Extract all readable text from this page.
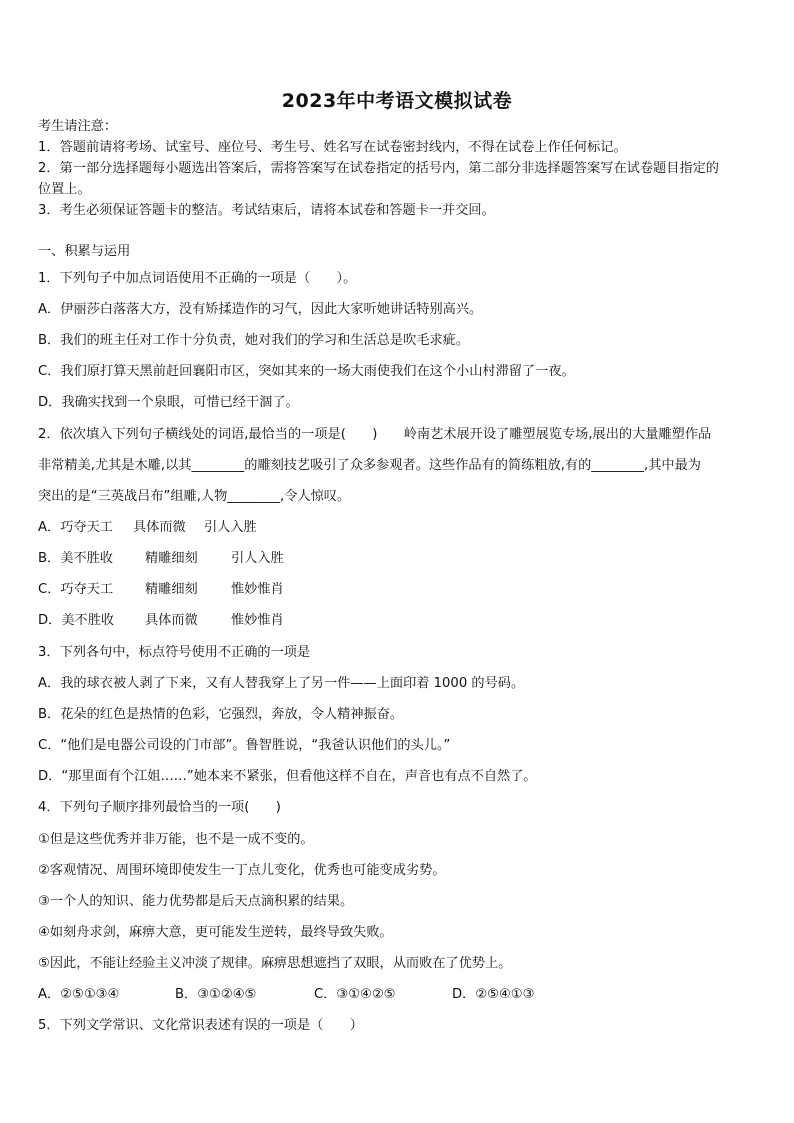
2023年中考语文模拟试卷
考生请注意：
1．答题前请将考场、试室号、座位号、考生号、姓名写在试卷密封线内，不得在试卷上作任何标记。
2．第一部分选择题每小题选出答案后，需将答案写在试卷指定的括号内，第二部分非选择题答案写在试卷题目指定的
位置上。
3．考生必须保证答题卡的整洁。考试结束后，请将本试卷和答题卡一并交回。
一、积累与运用
1．下列句子中加点词语使用不正确的一项是（　　）。
A．伊丽莎白落落大方，没有矫揉造作的习气，因此大家听她讲话特别高兴。
B．我们的班主任对工作十分负责，她对我们的学习和生活总是吹毛求疵。
C．我们原打算天黑前赶回襄阳市区，突如其来的一场大雨使我们在这个小山村滞留了一夜。
D．我确实找到一个泉眼，可惜已经干涸了。
2．依次填入下列句子横线处的词语,最恰当的一项是(　　)　　岭南艺术展开设了雕塑展览专场,展出的大量雕塑作品
非常精美,尤其是木雕,以其________的雕刻技艺吸引了众多参观者。这些作品有的简练粗放,有的________,其中最为
突出的是“三英战吕布”组雕,人物________,令人惊叹。
A．巧夺天工 具体而微 引人入胜
B．美不胜收 精雕细刻	引人入胜
C．巧夺天工 精雕细刻	惟妙惟肖
D．美不胜收 具体而微	惟妙惟肖
3．下列各句中，标点符号使用不正确的一项是
A．我的球衣被人剥了下来，又有人替我穿上了另一件——上面印着 1000 的号码。
B．花朵的红色是热情的色彩，它强烈，奔放，令人精神振奋。
C．“他们是电器公司设的门市部”。鲁智胜说，“我爸认识他们的头儿。”
D．“那里面有个江姐……”她本来不紧张，但看他这样不自在，声音也有点不自然了。
4．下列句子顺序排列最恰当的一项(　　)
①但是这些优秀并非万能，也不是一成不变的。
②客观情况、周围环境即使发生一丁点儿变化，优秀也可能变成劣势。
③一个人的知识、能力优势都是后天点滴积累的结果。
④如刻舟求剑，麻痹大意，更可能发生逆转，最终导致失败。
⑤因此，不能让经验主义冲淡了规律。麻痹思想遮挡了双眼，从而败在了优势上。
A．②⑤①③④	B．③①②④⑤	C．③①④②⑤	D．②⑤④①③
5．下列文学常识、文化常识表述有误的一项是（　　）
